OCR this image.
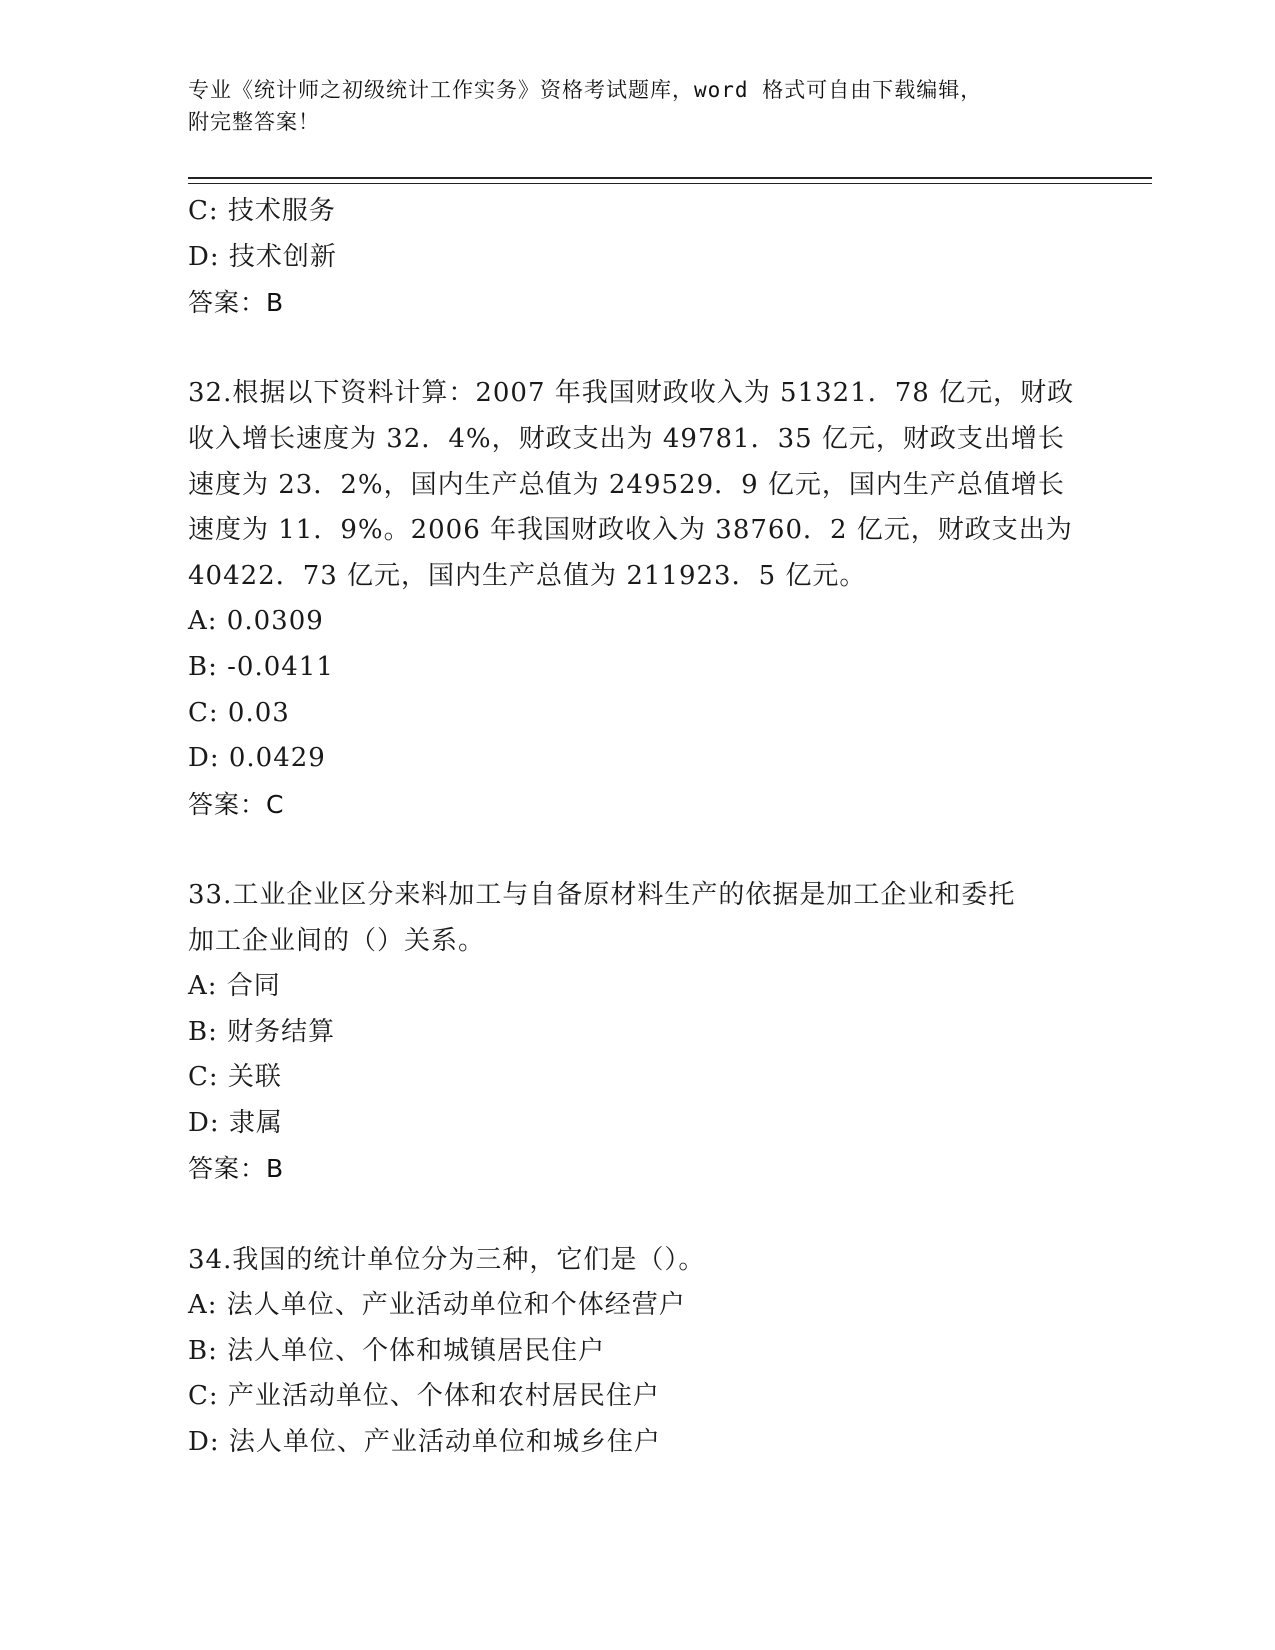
专业《统计师之初级统计工作实务》资格考试题库，word 格式可自由下载编辑，
附完整答案！
C: 技术服务
D: 技术创新
答案：B
32.根据以下资料计算：2007 年我国财政收入为 51321．78 亿元，财政
收入增长速度为 32．4%，财政支出为 49781．35 亿元，财政支出增长
速度为 23．2%，国内生产总值为 249529．9 亿元，国内生产总值增长
速度为 11．9%。2006 年我国财政收入为 38760．2 亿元，财政支出为
40422．73 亿元，国内生产总值为 211923．5 亿元。
A: 0.0309
B: -0.0411
C: 0.03
D: 0.0429
答案：C
33.工业企业区分来料加工与自备原材料生产的依据是加工企业和委托
加工企业间的（）关系。
A: 合同
B: 财务结算
C: 关联
D: 隶属
答案：B
34.我国的统计单位分为三种，它们是（）。
A: 法人单位、产业活动单位和个体经营户
B: 法人单位、个体和城镇居民住户
C: 产业活动单位、个体和农村居民住户
D: 法人单位、产业活动单位和城乡住户
